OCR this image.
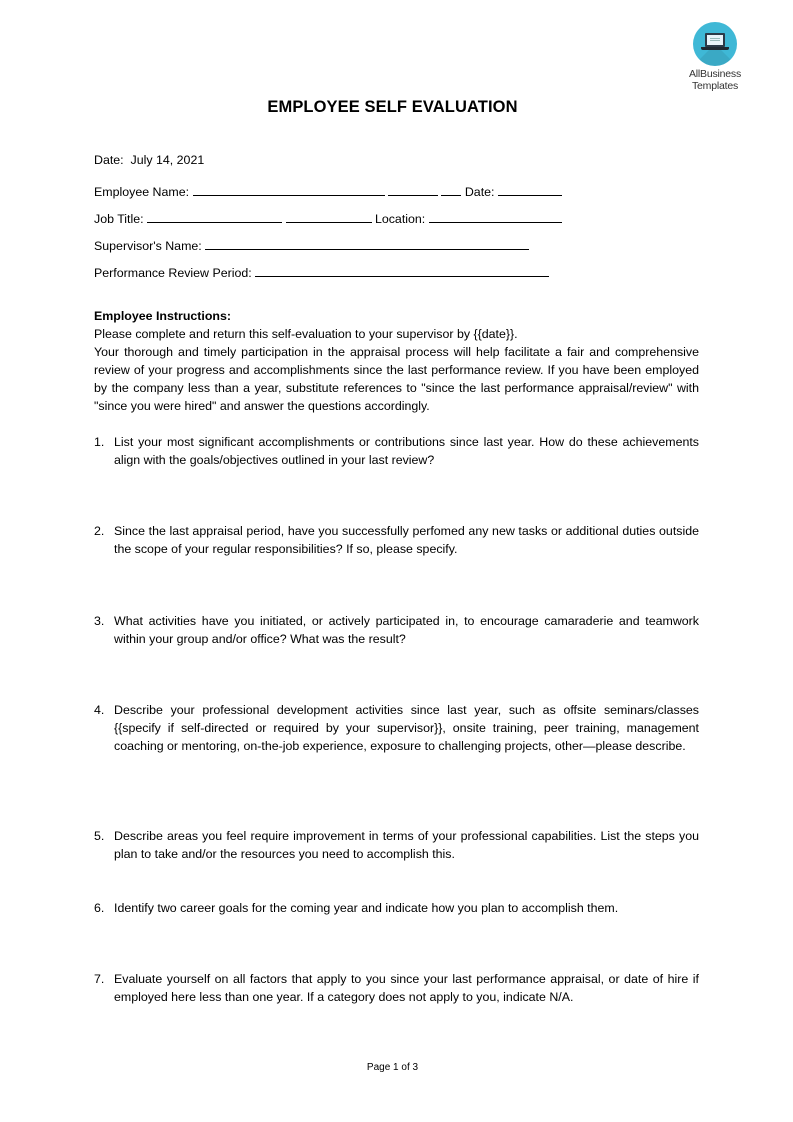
AllBusiness
Templates
EMPLOYEE SELF EVALUATION
Date: July 14, 2021
Employee Name:	Date:
Job Title:	Location:
Supervisor's Name:
Performance Review Period:
Employee Instructions:
Please complete and return this self-evaluation to your supervisor by {{date}}.
Your thorough and timely participation in the appraisal process will help facilitate a fair and comprehensive review of your progress and accomplishments since the last performance review. If you have been employed by the company less than a year, substitute references to "since the last performance appraisal/review" with "since you were hired" and answer the questions accordingly.
1. List your most significant accomplishments or contributions since last year. How do these achievements align with the goals/objectives outlined in your last review?
2. Since the last appraisal period, have you successfully perfomed any new tasks or additional duties outside the scope of your regular responsibilities? If so, please specify.
3. What activities have you initiated, or actively participated in, to encourage camaraderie and teamwork within your group and/or office? What was the result?
4. Describe your professional development activities since last year, such as offsite seminars/classes {{specify if self-directed or required by your supervisor}}, onsite training, peer training, management coaching or mentoring, on-the-job experience, exposure to challenging projects, other—please describe.
5. Describe areas you feel require improvement in terms of your professional capabilities. List the steps you plan to take and/or the resources you need to accomplish this.
6. Identify two career goals for the coming year and indicate how you plan to accomplish them.
7. Evaluate yourself on all factors that apply to you since your last performance appraisal, or date of hire if employed here less than one year. If a category does not apply to you, indicate N/A.
Page 1 of 3
